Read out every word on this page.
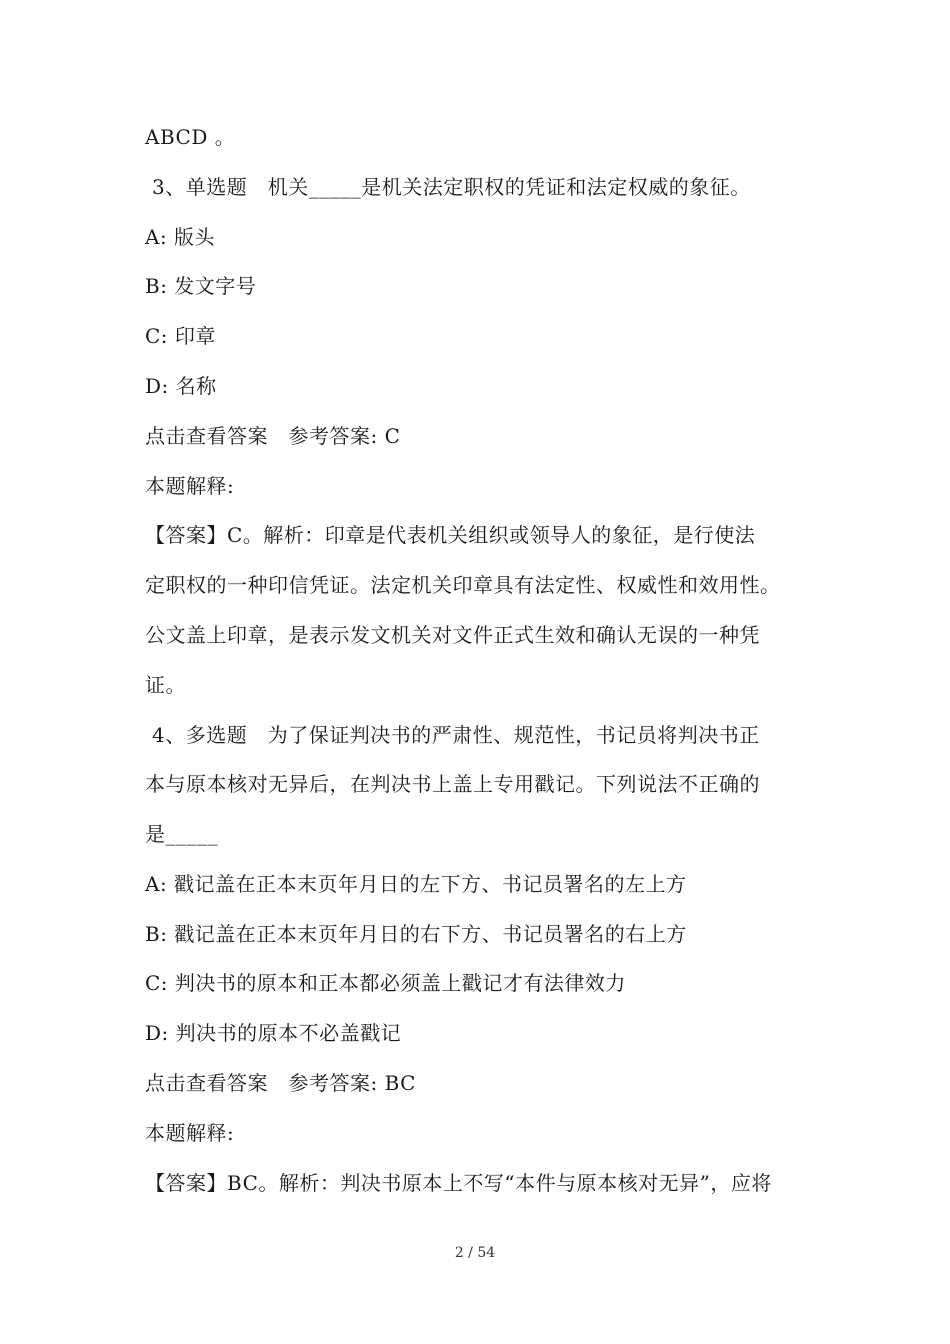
ABCD 。
3、单选题　机关_____是机关法定职权的凭证和法定权威的象征。
A: 版头
B: 发文字号
C: 印章
D: 名称
点击查看答案　参考答案: C
本题解释:
【答案】C。解析：印章是代表机关组织或领导人的象征，是行使法
定职权的一种印信凭证。法定机关印章具有法定性、权威性和效用性。
公文盖上印章，是表示发文机关对文件正式生效和确认无误的一种凭
证。
4、多选题　为了保证判决书的严肃性、规范性，书记员将判决书正
本与原本核对无异后，在判决书上盖上专用戳记。下列说法不正确的
是_____
A: 戳记盖在正本末页年月日的左下方、书记员署名的左上方
B: 戳记盖在正本末页年月日的右下方、书记员署名的右上方
C: 判决书的原本和正本都必须盖上戳记才有法律效力
D: 判决书的原本不必盖戳记
点击查看答案　参考答案: BC
本题解释:
【答案】BC。解析：判决书原本上不写“本件与原本核对无异”，应将
2 / 54
